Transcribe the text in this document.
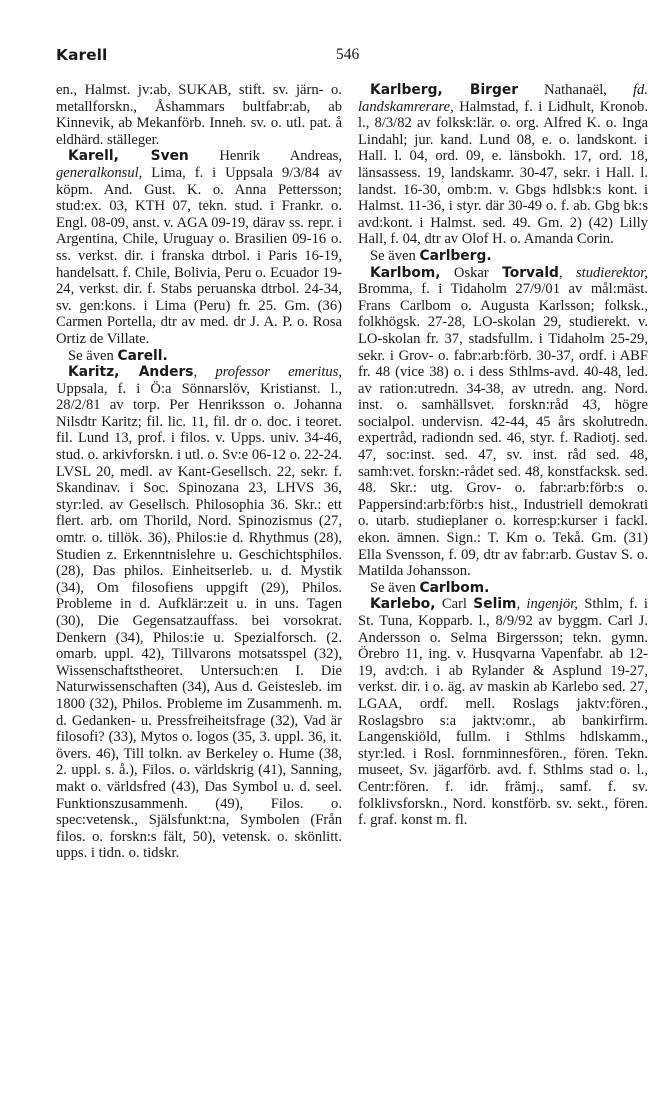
Karell	546

en., Halmst. jv:ab, SUKAB, stift. sv. järn- o. metallforskn., Åshammars bultfabr:ab, ab Kinnevik, ab Mekanförb. Inneh. sv. o. utl. pat. å eldhärd. ställeger.

Karell, Sven Henrik Andreas, generalkonsul, Lima, f. i Uppsala 9/3/84 av köpm. And. Gust. K. o. Anna Pettersson; stud:ex. 03, KTH 07, tekn. stud. i Frankr. o. Engl. 08-09, anst. v. AGA 09-19, därav ss. repr. i Argentina, Chile, Uruguay o. Brasilien 09-16 o. ss. verkst. dir. i franska dtrbol. i Paris 16-19, handelsatt. f. Chile, Bolivia, Peru o. Ecuador 19-24, verkst. dir. f. Stabs peruanska dtrbol. 24-34, sv. gen:kons. i Lima (Peru) fr. 25. Gm. (36) Carmen Portella, dtr av med. dr J. A. P. o. Rosa Ortiz de Villate.

Se även Carell.

Karitz, Anders, professor emeritus, Uppsala, f. i Ö:a Sönnarslöv, Kristianst. l., 28/2/81 av torp. Per Henriksson o. Johanna Nilsdtr Karitz; fil. lic. 11, fil. dr o. doc. i teoret. fil. Lund 13, prof. i filos. v. Upps. univ. 34-46, stud. o. arkivforskn. i utl. o. Sv:e 06-12 o. 22-24. LVSL 20, medl. av Kant-Gesellsch. 22, sekr. f. Skandinav. i Soc. Spinozana 23, LHVS 36, styr:led. av Gesellsch. Philosophia 36. Skr.: ett flert. arb. om Thorild, Nord. Spinozismus (27, omtr. o. tillök. 36), Philos:ie d. Rhythmus (28), Studien z. Erkenntnislehre u. Geschichtsphilos. (28), Das philos. Einheitserleb. u. d. Mystik (34), Om filosofiens uppgift (29), Philos. Probleme in d. Aufklär:zeit u. in uns. Tagen (30), Die Gegensatzauffass. bei vorsokrat. Denkern (34), Philos:ie u. Spezialforsch. (2. omarb. uppl. 42), Tillvarons motsatsspel (32), Wissenschaftstheoret. Untersuch:en I. Die Naturwissenschaften (34), Aus d. Geistesleb. im 1800 (32), Philos. Probleme im Zusammenh. m. d. Gedanken- u. Pressfreiheitsfrage (32), Vad är filosofi? (33), Mytos o. logos (35, 3. uppl. 36, it. övers. 46), Till tolkn. av Berkeley o. Hume (38, 2. uppl. s. å.), Filos. o. världskrig (41), Sanning, makt o. världsfred (43), Das Symbol u. d. seel. Funktionszusammenh. (49), Filos. o. spec:vetensk., Själsfunkt:na, Symbolen (Från filos. o. forskn:s fält, 50), vetensk. o. skönlitt. upps. i tidn. o. tidskr.

Karlberg, Birger Nathanaël, fd. landskamrerare, Halmstad, f. i Lidhult, Kronob. l., 8/3/82 av folksk:lär. o. org. Alfred K. o. Inga Lindahl; jur. kand. Lund 08, e. o. landskont. i Hall. l. 04, ord. 09, e. länsbokh. 17, ord. 18, länsassess. 19, landskamr. 30-47, sekr. i Hall. l. landst. 16-30, omb:m. v. Gbgs hdlsbk:s kont. i Halmst. 11-36, i styr. där 30-49 o. f. ab. Gbg bk:s avd:kont. i Halmst. sed. 49. Gm. 2) (42) Lilly Hall, f. 04, dtr av Olof H. o. Amanda Corin.

Se även Carlberg.

Karlbom, Oskar Torvald, studierektor, Bromma, f. i Tidaholm 27/9/01 av mål:mäst. Frans Carlbom o. Augusta Karlsson; folksk., folkhögsk. 27-28, LO-skolan 29, studierekt. v. LO-skolan fr. 37, stadsfullm. i Tidaholm 25-29, sekr. i Grov- o. fabr:arb:förb. 30-37, ordf. i ABF fr. 48 (vice 38) o. i dess Sthlms-avd. 40-48, led. av ration:utredn. 34-38, av utredn. ang. Nord. inst. o. samhällsvet. forskn:råd 43, högre socialpol. undervisn. 42-44, 45 års skolutredn. expertråd, radiondn sed. 46, styr. f. Radiotj. sed. 47, soc:inst. sed. 47, sv. inst. råd sed. 48, samh:vet. forskn:-rådet sed. 48, konstfacksk. sed. 48. Skr.: utg. Grov- o. fabr:arb:förb:s o. Pappersind:arb:förb:s hist., Industriell demokrati o. utarb. studieplaner o. korresp:kurser i fackl. ekon. ämnen. Sign.: T. Km o. Tekå. Gm. (31) Ella Svensson, f. 09, dtr av fabr:arb. Gustav S. o. Matilda Johansson.

Se även Carlbom.

Karlebo, Carl Selim, ingenjör, Sthlm, f. i St. Tuna, Kopparb. l., 8/9/92 av byggm. Carl J. Andersson o. Selma Birgersson; tekn. gymn. Örebro 11, ing. v. Husqvarna Vapenfabr. ab 12-19, avd:ch. i ab Rylander & Asplund 19-27, verkst. dir. i o. äg. av maskin ab Karlebo sed. 27, LGAA, ordf. mell. Roslags jaktv:fören., Roslagsbro s:a jaktv:omr., ab bankirfirm. Langenskiöld, fullm. i Sthlms hdlskamm., styr:led. i Rosl. fornminnesfören., fören. Tekn. museet, Sv. jägarförb. avd. f. Sthlms stad o. l., Centr:fören. f. idr. främj., samf. f. sv. folklivsforskn., Nord. konstförb. sv. sekt., fören. f. graf. konst m. fl.
